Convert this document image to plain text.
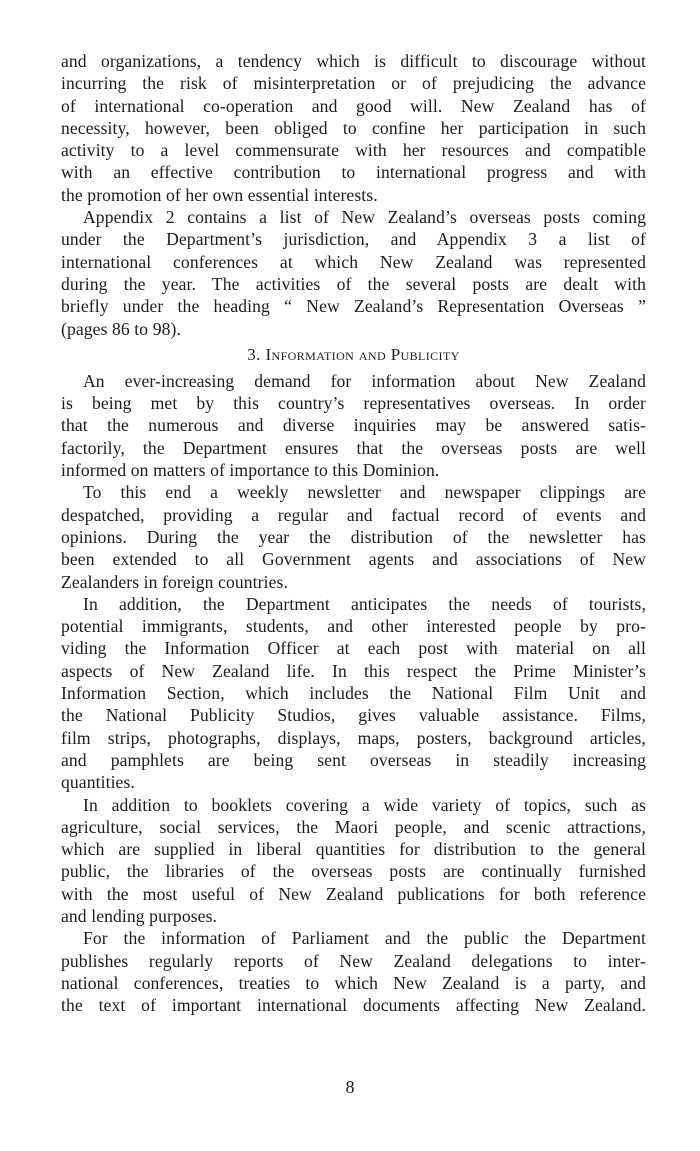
and organizations, a tendency which is difficult to discourage without
incurring the risk of misinterpretation or of prejudicing the advance
of international co-operation and good will. New Zealand has of
necessity, however, been obliged to confine her participation in such
activity to a level commensurate with her resources and compatible
with an effective contribution to international progress and with
the promotion of her own essential interests.

Appendix 2 contains a list of New Zealand’s overseas posts coming
under the Department’s jurisdiction, and Appendix 3 a list of
international conferences at which New Zealand was represented
during the year. The activities of the several posts are dealt with
briefly under the heading “ New Zealand’s Representation Overseas ”
(pages 86 to 98).

3. Information and Publicity

An ever-increasing demand for information about New Zealand
is being met by this country’s representatives overseas. In order
that the numerous and diverse inquiries may be answered satis-
factorily, the Department ensures that the overseas posts are well
informed on matters of importance to this Dominion.

To this end a weekly newsletter and newspaper clippings are
despatched, providing a regular and factual record of events and
opinions. During the year the distribution of the newsletter has
been extended to all Government agents and associations of New
Zealanders in foreign countries.

In addition, the Department anticipates the needs of tourists,
potential immigrants, students, and other interested people by pro-
viding the Information Officer at each post with material on all
aspects of New Zealand life. In this respect the Prime Minister’s
Information Section, which includes the National Film Unit and
the National Publicity Studios, gives valuable assistance. Films,
film strips, photographs, displays, maps, posters, background articles,
and pamphlets are being sent overseas in steadily increasing
quantities.

In addition to booklets covering a wide variety of topics, such as
agriculture, social services, the Maori people, and scenic attractions,
which are supplied in liberal quantities for distribution to the general
public, the libraries of the overseas posts are continually furnished
with the most useful of New Zealand publications for both reference
and lending purposes.

For the information of Parliament and the public the Department
publishes regularly reports of New Zealand delegations to inter-
national conferences, treaties to which New Zealand is a party, and
the text of important international documents affecting New Zealand.

8
